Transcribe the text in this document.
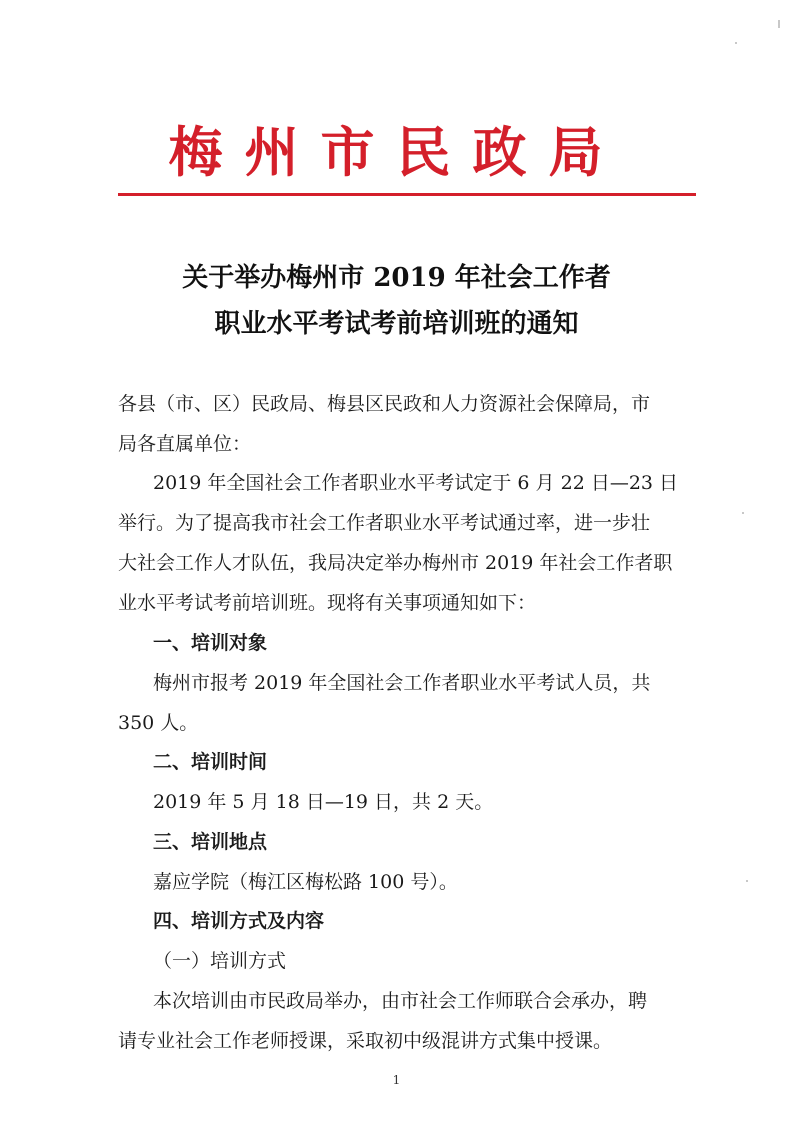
梅州市民政局
关于举办梅州市 2019 年社会工作者
职业水平考试考前培训班的通知
各县（市、区）民政局、梅县区民政和人力资源社会保障局，市
局各直属单位：
2019 年全国社会工作者职业水平考试定于 6 月 22 日—23 日
举行。为了提高我市社会工作者职业水平考试通过率，进一步壮
大社会工作人才队伍，我局决定举办梅州市 2019 年社会工作者职
业水平考试考前培训班。现将有关事项通知如下：
一、培训对象
梅州市报考 2019 年全国社会工作者职业水平考试人员，共
350 人。
二、培训时间
2019 年 5 月 18 日—19 日，共 2 天。
三、培训地点
嘉应学院（梅江区梅松路 100 号）。
四、培训方式及内容
（一）培训方式
本次培训由市民政局举办，由市社会工作师联合会承办，聘
请专业社会工作老师授课，采取初中级混讲方式集中授课。
1
